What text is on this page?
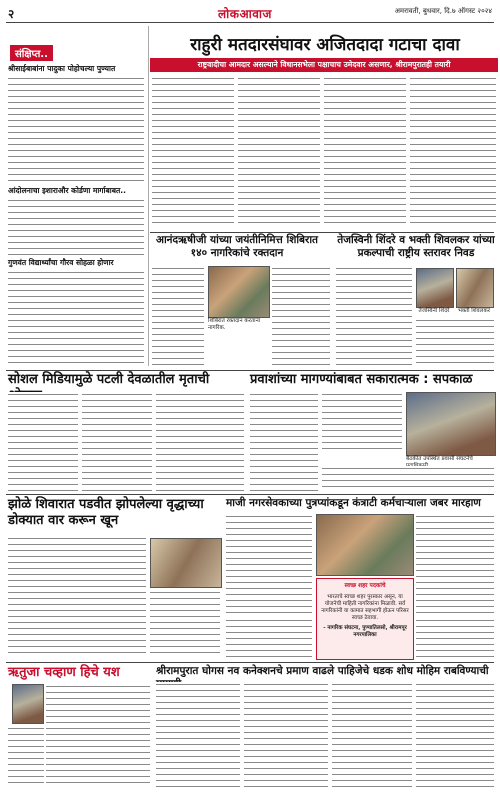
२	लोकआवाज	अमरावती, बुधवार, दि.७ ऑगस्ट २०२४
संक्षिप्त..
श्रीसाईबाबांना पादुका पोहोचल्या पुण्यात
आंदोलनाचा इशाराऔर कोर्डणा मार्गाबाबत..
गुणवंत विद्यार्थ्यांचा गौरव सोहळा होणार
राहुरी मतदारसंघावर अजितदादा गटाचा दावा
राष्ट्रवादीचा आमदार असल्याने विधानसभेला पक्षाचाच उमेदवार असणार, श्रीरामपुरातही तयारी
आनंदऋषीजी यांच्या जयंतीनिमित्त शिबिरात १४० नागरिकांचे रक्तदान
शिबिरात रक्तदान करताना नागरिक.
तेजस्विनी शिंदरे व भक्ती शिवलकर यांच्या प्रकल्पाची राष्ट्रीय स्तरावर निवड
तेजस्विनी शिंदरे	भक्ती शिवलकर
सोशल मिडियामुळे पटली देवळातील मृताची	प्रवाशांच्या मागण्यांबाबत सकारात्मक : सपकाळ
बैठकीत उपस्थित प्रवासी संघटनेचे
झोळे शिवारात पडवीत झोपलेल्या वृद्धाच्या डोक्यात वार करून खून
माजी नगरसेवकाच्या पुत्रप्यांकडून कंत्राटी कर्मचाऱ्याला जबर मारहाण
स्वच्छ शहर पदकांचे
भारताचे स्वच्छ शहर पुरस्कार असून, या योजनेची माहिती नागरिकांना मिळावी. सर्व नागरिकांनी या कामात सहभागी होऊन परिसर स्वच्छ ठेवावा.
- नागरिक संघटना, पुण्यातिलसो, श्रीरामपूर नगरपालिका
ऋतुजा चव्हाण हिचे यश	श्रीरामपुरात घोगस नव कनेक्शनचे प्रमाण वाढले पाहिजेचे धडक शोध मोहिम राबविण्याची
